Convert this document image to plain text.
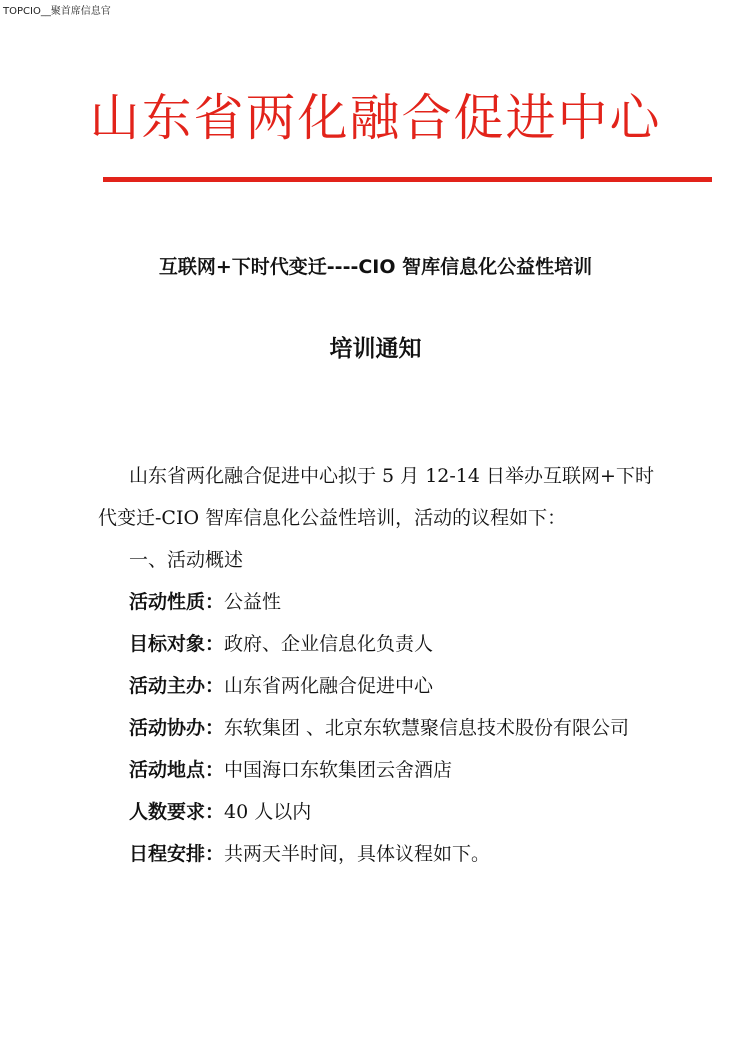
TOPCIO__聚首席信息官
山东省两化融合促进中心
互联网+下时代变迁----CIO 智库信息化公益性培训
培训通知

山东省两化融合促进中心拟于 5 月 12-14 日举办互联网+下时代变迁-CIO 智库信息化公益性培训，活动的议程如下：

一、活动概述

活动性质：公益性

目标对象：政府、企业信息化负责人

活动主办：山东省两化融合促进中心

活动协办：东软集团 、北京东软慧聚信息技术股份有限公司

活动地点：中国海口东软集团云舍酒店

人数要求：40 人以内

日程安排：共两天半时间，具体议程如下。
